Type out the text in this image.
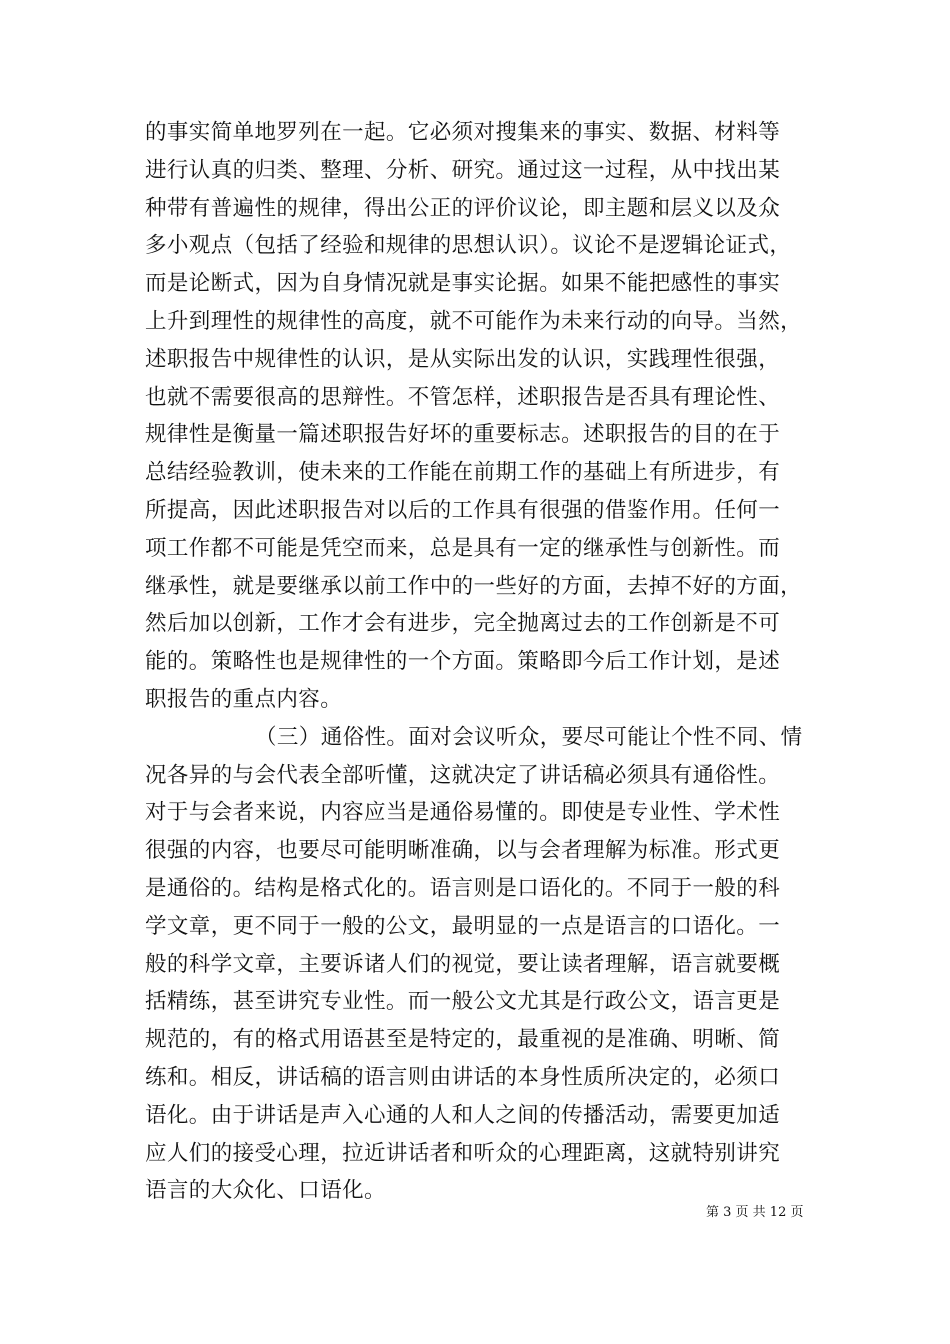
的事实简单地罗列在一起。它必须对搜集来的事实、数据、材料等
进行认真的归类、整理、分析、研究。通过这一过程，从中找出某
种带有普遍性的规律，得出公正的评价议论，即主题和层义以及众
多小观点（包括了经验和规律的思想认识）。议论不是逻辑论证式，
而是论断式，因为自身情况就是事实论据。如果不能把感性的事实
上升到理性的规律性的高度，就不可能作为未来行动的向导。当然，
述职报告中规律性的认识，是从实际出发的认识，实践理性很强，
也就不需要很高的思辩性。不管怎样，述职报告是否具有理论性、
规律性是衡量一篇述职报告好坏的重要标志。述职报告的目的在于
总结经验教训，使未来的工作能在前期工作的基础上有所进步，有
所提高，因此述职报告对以后的工作具有很强的借鉴作用。任何一
项工作都不可能是凭空而来，总是具有一定的继承性与创新性。而
继承性，就是要继承以前工作中的一些好的方面，去掉不好的方面，
然后加以创新，工作才会有进步，完全抛离过去的工作创新是不可
能的。策略性也是规律性的一个方面。策略即今后工作计划，是述
职报告的重点内容。
（三）通俗性。面对会议听众，要尽可能让个性不同、情
况各异的与会代表全部听懂，这就决定了讲话稿必须具有通俗性。
对于与会者来说，内容应当是通俗易懂的。即使是专业性、学术性
很强的内容，也要尽可能明晰准确，以与会者理解为标准。形式更
是通俗的。结构是格式化的。语言则是口语化的。不同于一般的科
学文章，更不同于一般的公文，最明显的一点是语言的口语化。一
般的科学文章，主要诉诸人们的视觉，要让读者理解，语言就要概
括精练，甚至讲究专业性。而一般公文尤其是行政公文，语言更是
规范的，有的格式用语甚至是特定的，最重视的是准确、明晰、简
练和。相反，讲话稿的语言则由讲话的本身性质所决定的，必须口
语化。由于讲话是声入心通的人和人之间的传播活动，需要更加适
应人们的接受心理，拉近讲话者和听众的心理距离，这就特别讲究
语言的大众化、口语化。
第 3 页 共 12 页
